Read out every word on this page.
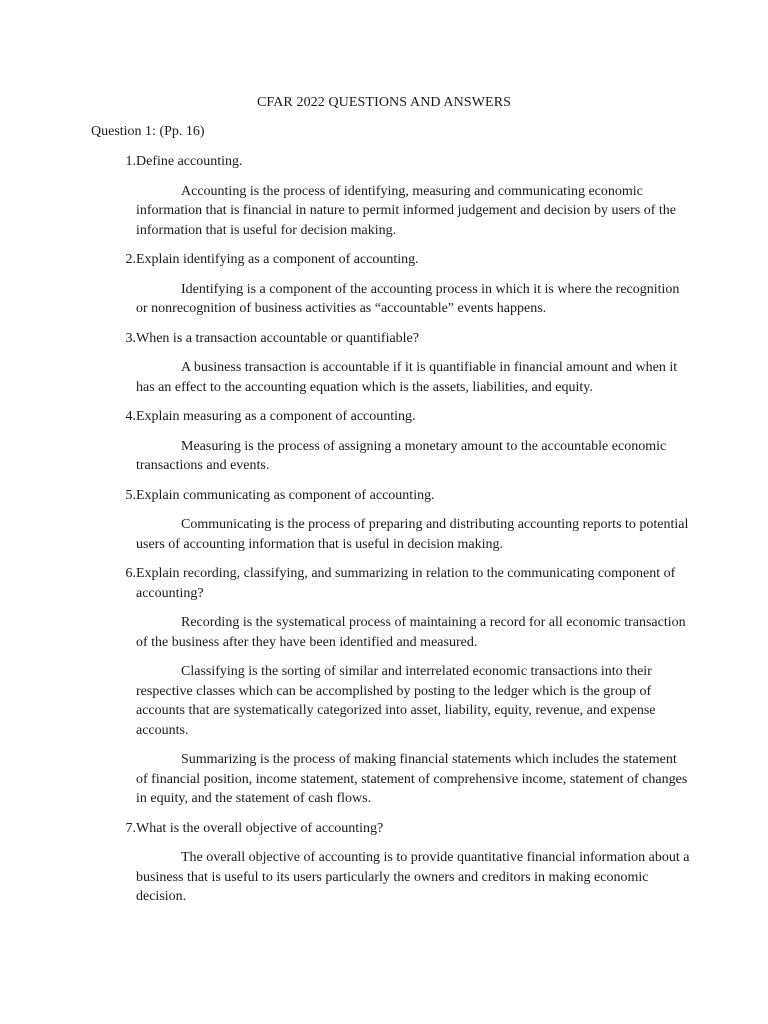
CFAR 2022 QUESTIONS AND ANSWERS
Question 1: (Pp. 16)
1. Define accounting.
Accounting is the process of identifying, measuring and communicating economic information that is financial in nature to permit informed judgement and decision by users of the information that is useful for decision making.
2. Explain identifying as a component of accounting.
Identifying is a component of the accounting process in which it is where the recognition or nonrecognition of business activities as “accountable” events happens.
3. When is a transaction accountable or quantifiable?
A business transaction is accountable if it is quantifiable in financial amount and when it has an effect to the accounting equation which is the assets, liabilities, and equity.
4. Explain measuring as a component of accounting.
Measuring is the process of assigning a monetary amount to the accountable economic transactions and events.
5. Explain communicating as component of accounting.
Communicating is the process of preparing and distributing accounting reports to potential users of accounting information that is useful in decision making.
6. Explain recording, classifying, and summarizing in relation to the communicating component of accounting?
Recording is the systematical process of maintaining a record for all economic transaction of the business after they have been identified and measured.
Classifying is the sorting of similar and interrelated economic transactions into their respective classes which can be accomplished by posting to the ledger which is the group of accounts that are systematically categorized into asset, liability, equity, revenue, and expense accounts.
Summarizing is the process of making financial statements which includes the statement of financial position, income statement, statement of comprehensive income, statement of changes in equity, and the statement of cash flows.
7. What is the overall objective of accounting?
The overall objective of accounting is to provide quantitative financial information about a business that is useful to its users particularly the owners and creditors in making economic decision.
